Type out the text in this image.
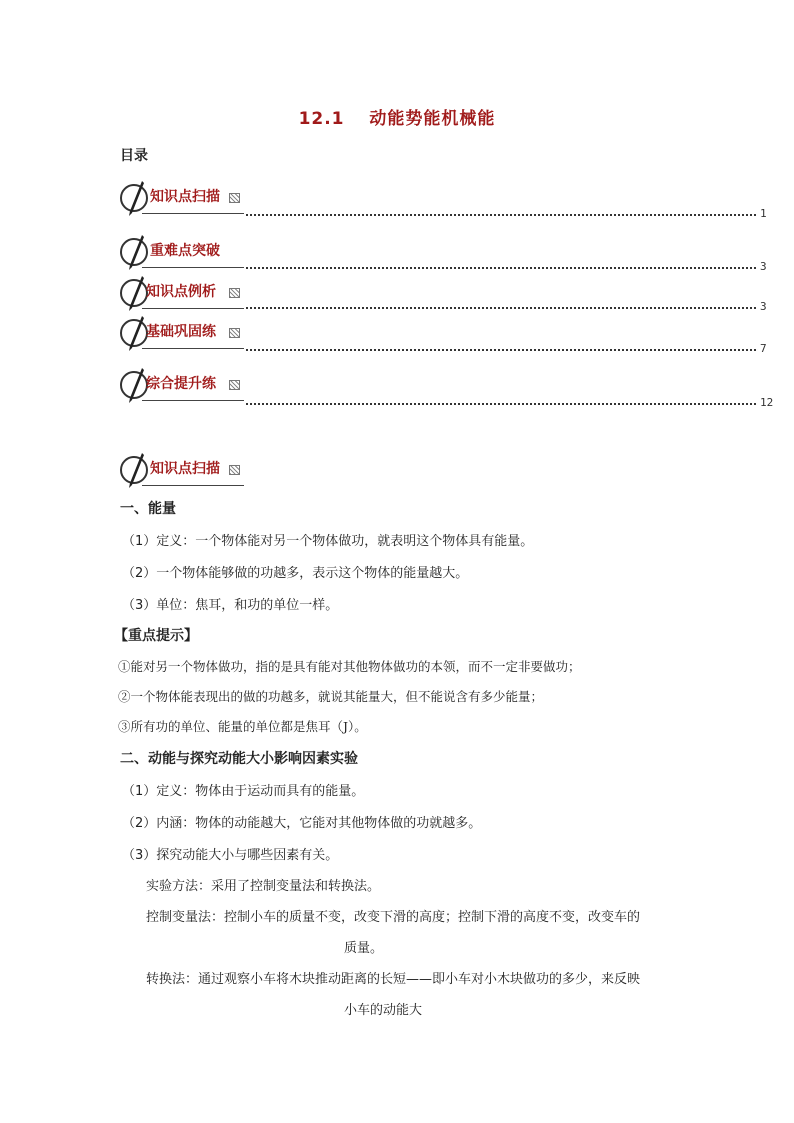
12.1　 动能势能机械能
目录
知识点扫描
1
重难点突破
3
知识点例析
3
基础巩固练
7
综合提升练
12
知识点扫描
一、能量
（1）定义：一个物体能对另一个物体做功，就表明这个物体具有能量。
（2）一个物体能够做的功越多，表示这个物体的能量越大。
（3）单位：焦耳，和功的单位一样。
【重点提示】
①能对另一个物体做功，指的是具有能对其他物体做功的本领，而不一定非要做功；
②一个物体能表现出的做的功越多，就说其能量大，但不能说含有多少能量；
③所有功的单位、能量的单位都是焦耳（J）。
二、动能与探究动能大小影响因素实验
（1）定义：物体由于运动而具有的能量。
（2）内涵：物体的动能越大，它能对其他物体做的功就越多。
（3）探究动能大小与哪些因素有关。
实验方法：采用了控制变量法和转换法。
控制变量法：控制小车的质量不变，改变下滑的高度；控制下滑的高度不变，改变车的
质量。
转换法：通过观察小车将木块推动距离的长短——即小车对小木块做功的多少，来反映
小车的动能大
